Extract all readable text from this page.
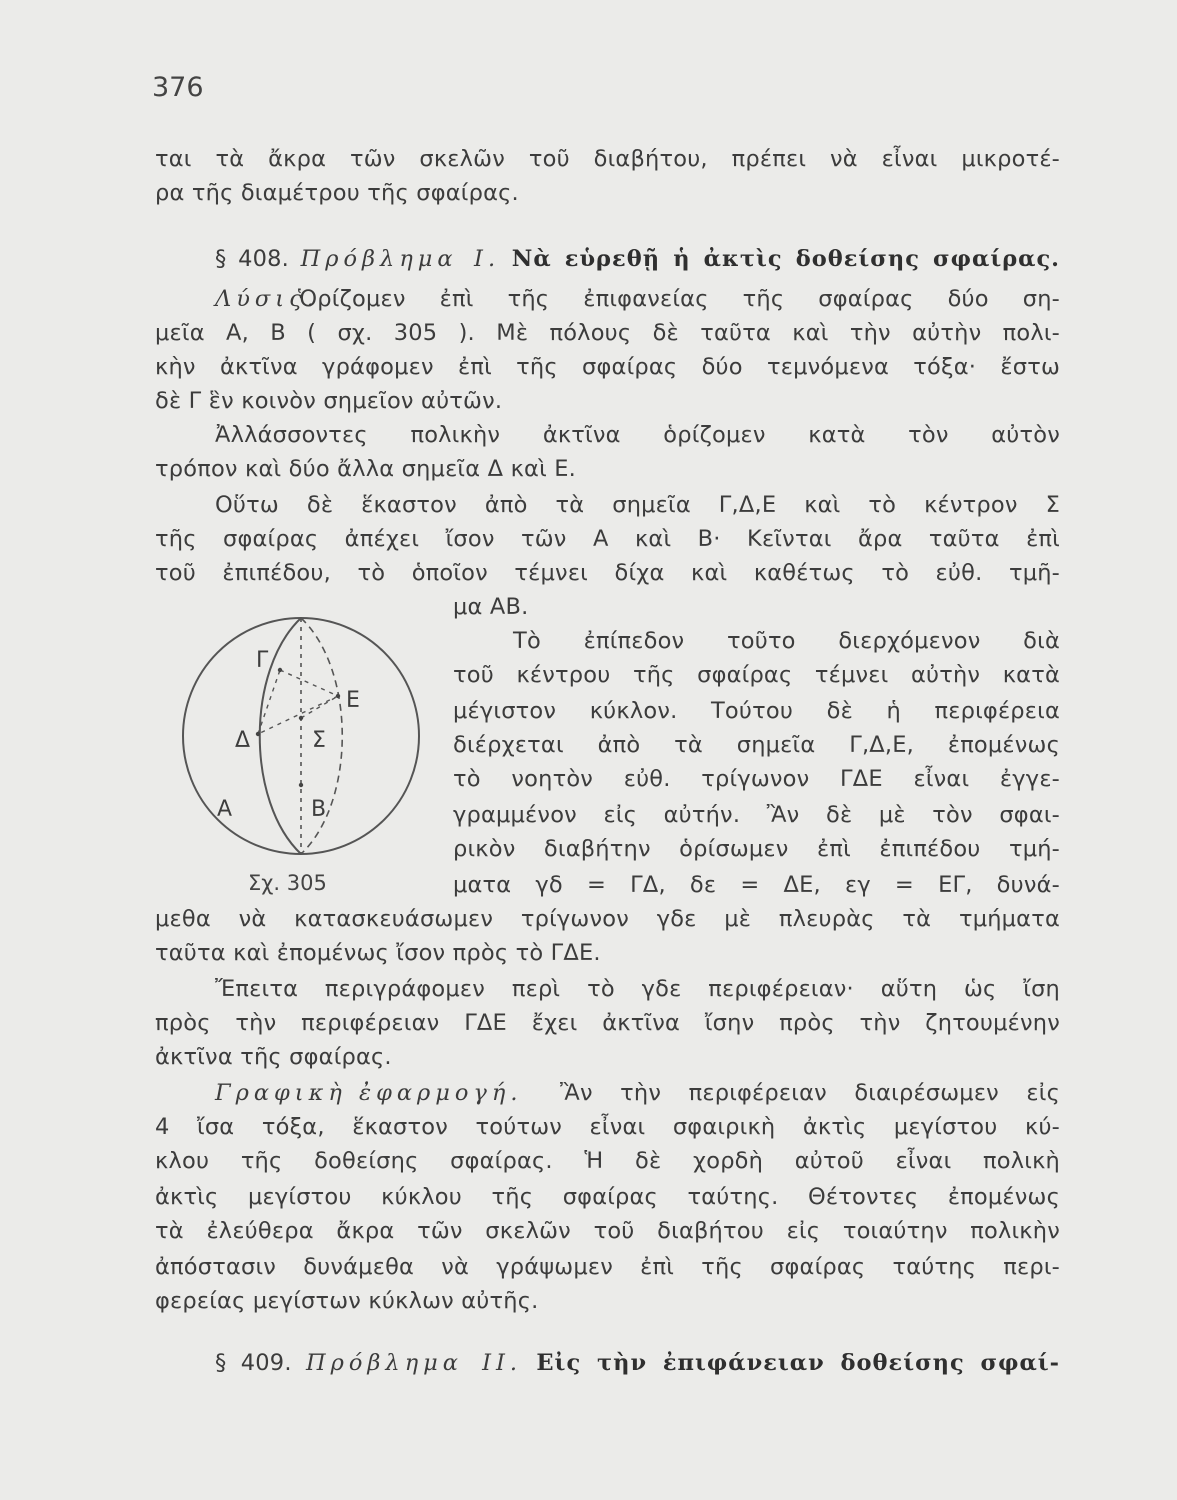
376
ται τὰ ἄκρα τῶν σκελῶν τοῦ διαβήτου, πρέπει νὰ εἶναι μικροτέ-
ρα τῆς διαμέτρου τῆς σφαίρας.
§ 408. Πρόβλημα Ι. Νὰ εὑρεθῇ ἡ ἀκτὶς δοθείσης σφαίρας.
Λύσις.
Ὁρίζομεν ἐπὶ τῆς ἐπιφανείας τῆς σφαίρας δύο ση-
μεῖα Α, Β ( σχ. 305 ). Μὲ πόλους δὲ ταῦτα καὶ τὴν αὐτὴν πολι-
κὴν ἀκτῖνα γράφομεν ἐπὶ τῆς σφαίρας δύο τεμνόμενα τόξα· ἔστω
δὲ Γ ἓν κοινὸν σημεῖον αὐτῶν.
Ἀλλάσσοντες πολικὴν ἀκτῖνα ὁρίζομεν κατὰ τὸν αὐτὸν
τρόπον καὶ δύο ἄλλα σημεῖα Δ καὶ Ε.
Οὕτω δὲ ἕκαστον ἀπὸ τὰ σημεῖα Γ,Δ,Ε καὶ τὸ κέντρον Σ
τῆς σφαίρας ἀπέχει ἴσον τῶν Α καὶ Β· Κεῖνται ἄρα ταῦτα ἐπὶ
τοῦ ἐπιπέδου, τὸ ὁποῖον τέμνει δίχα καὶ καθέτως τὸ εὐθ. τμῆ-
μα ΑΒ.
Τὸ ἐπίπεδον τοῦτο διερχόμενον διὰ
τοῦ κέντρου τῆς σφαίρας τέμνει αὐτὴν κατὰ
μέγιστον κύκλον. Τούτου δὲ ἡ περιφέρεια
διέρχεται ἀπὸ τὰ σημεῖα Γ,Δ,Ε, ἐπομένως
τὸ νοητὸν εὐθ. τρίγωνον ΓΔΕ εἶναι ἐγγε-
γραμμένον εἰς αὐτήν. Ἂν δὲ μὲ τὸν σφαι-
ρικὸν διαβήτην ὁρίσωμεν ἐπὶ ἐπιπέδου τμή-
ματα γδ = ΓΔ, δε = ΔΕ, εγ = ΕΓ, δυνά-
μεθα νὰ κατασκευάσωμεν τρίγωνον γδε μὲ πλευρὰς τὰ τμήματα
ταῦτα καὶ ἐπομένως ἴσον πρὸς τὸ ΓΔΕ.
Ἔπειτα περιγράφομεν περὶ τὸ γδε περιφέρειαν· αὕτη ὡς ἴση
πρὸς τὴν περιφέρειαν ΓΔΕ ἔχει ἀκτῖνα ἴσην πρὸς τὴν ζητουμένην
ἀκτῖνα τῆς σφαίρας.
Γραφικὴ ἐφαρμογή. Ἂν τὴν περιφέρειαν διαιρέσωμεν εἰς
4 ἴσα τόξα, ἕκαστον τούτων εἶναι σφαιρικὴ ἀκτὶς μεγίστου κύ-
κλου τῆς δοθείσης σφαίρας. Ἡ δὲ χορδὴ αὐτοῦ εἶναι πολικὴ
ἀκτὶς μεγίστου κύκλου τῆς σφαίρας ταύτης. Θέτοντες ἐπομένως
τὰ ἐλεύθερα ἄκρα τῶν σκελῶν τοῦ διαβήτου εἰς τοιαύτην πολικὴν
ἀπόστασιν δυνάμεθα νὰ γράψωμεν ἐπὶ τῆς σφαίρας ταύτης περι-
φερείας μεγίστων κύκλων αὐτῆς.
§ 409. Πρόβλημα ΙΙ. Εἰς τὴν ἐπιφάνειαν δοθείσης σφαί-
Γ
Ε
Δ	Σ
Α	Β
Σχ. 305
